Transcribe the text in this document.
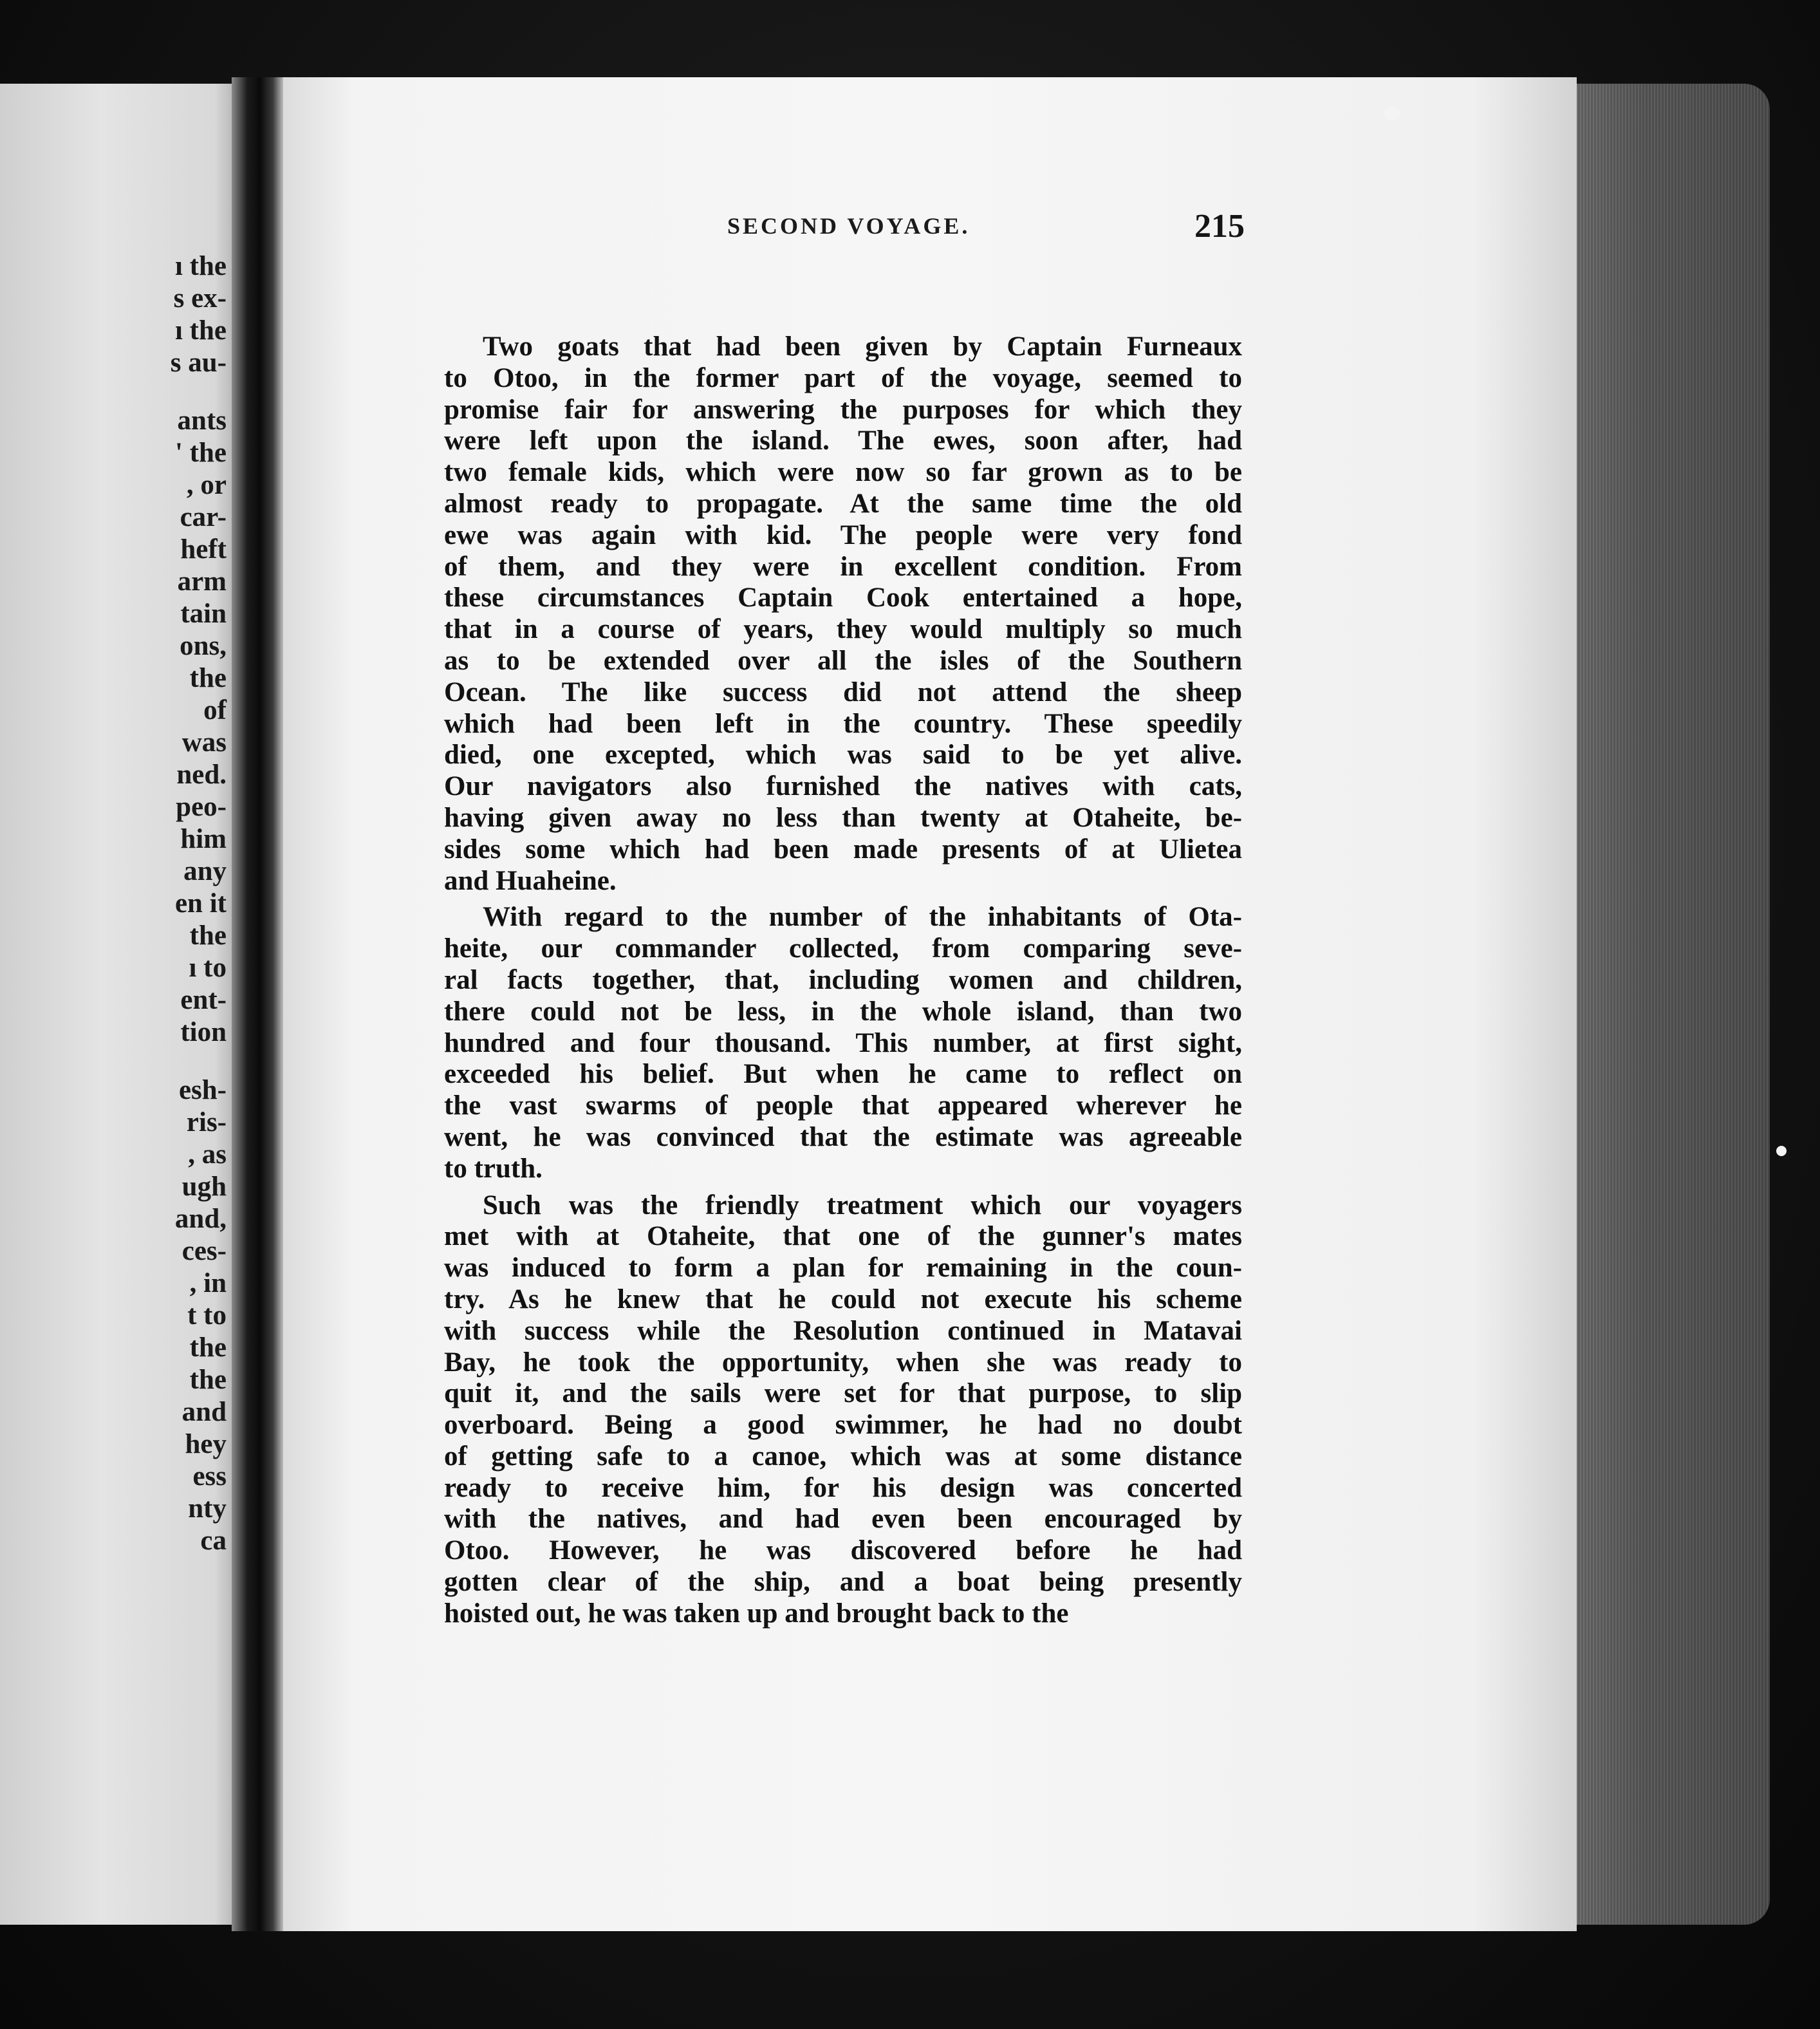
ı the

s ex-

ı the

s au-

ants

' the

, or

car-

heft

arm

tain

ons,

the

of

was

ned.

peo-

him

any

en it

the

ı to

ent-

tion

esh-

ris-

, as

ugh

and,

ces-

, in

t to

the

the

and

hey

ess

nty

ca

SECOND VOYAGE.	215
Two goats that had been given by Captain Furneaux
to Otoo, in the former part of the voyage, seemed to
promise fair for answering the purposes for which they
were left upon the island. The ewes, soon after, had
two female kids, which were now so far grown as to be
almost ready to propagate. At the same time the old
ewe was again with kid. The people were very fond
of them, and they were in excellent condition. From
these circumstances Captain Cook entertained a hope,
that in a course of years, they would multiply so much
as to be extended over all the isles of the Southern
Ocean. The like success did not attend the sheep
which had been left in the country. These speedily
died, one excepted, which was said to be yet alive.
Our navigators also furnished the natives with cats,
having given away no less than twenty at Otaheite, be-
sides some which had been made presents of at Ulietea
and Huaheine.
With regard to the number of the inhabitants of Ota-
heite, our commander collected, from comparing seve-
ral facts together, that, including women and children,
there could not be less, in the whole island, than two
hundred and four thousand. This number, at first sight,
exceeded his belief. But when he came to reflect on
the vast swarms of people that appeared wherever he
went, he was convinced that the estimate was agreeable
to truth.
Such was the friendly treatment which our voyagers
met with at Otaheite, that one of the gunner's mates
was induced to form a plan for remaining in the coun-
try. As he knew that he could not execute his scheme
with success while the Resolution continued in Matavai
Bay, he took the opportunity, when she was ready to
quit it, and the sails were set for that purpose, to slip
overboard. Being a good swimmer, he had no doubt
of getting safe to a canoe, which was at some distance
ready to receive him, for his design was concerted
with the natives, and had even been encouraged by
Otoo. However, he was discovered before he had
gotten clear of the ship, and a boat being presently
hoisted out, he was taken up and brought back to the
